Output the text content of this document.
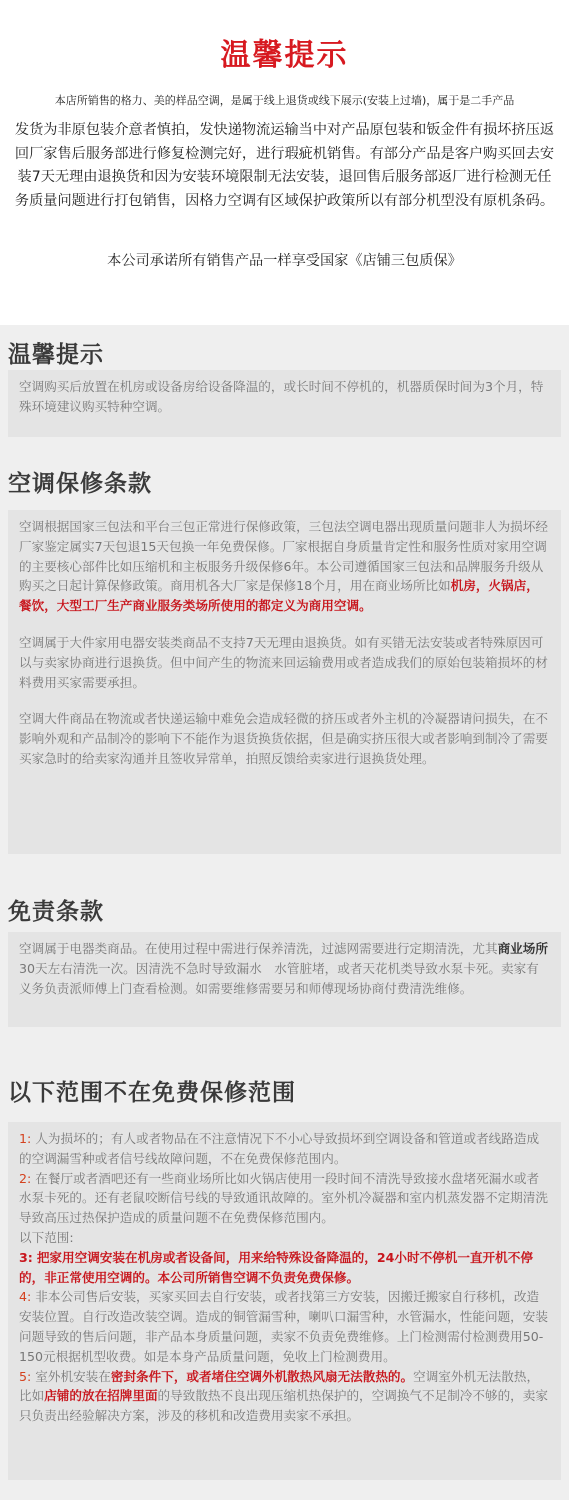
温馨提示
本店所销售的格力、美的样品空调，是属于线上退货或线下展示(安装上过墙)，属于是二手产品
发货为非原包装介意者慎拍，发快递物流运输当中对产品原包装和钣金件有损坏挤压返回厂家售后服务部进行修复检测完好，进行瑕疵机销售。有部分产品是客户购买回去安装7天无理由退换货和因为安装环境限制无法安装，退回售后服务部返厂进行检测无任务质量问题进行打包销售，因格力空调有区域保护政策所以有部分机型没有原机条码。
本公司承诺所有销售产品一样享受国家《店铺三包质保》
温馨提示

空调购买后放置在机房或设备房给设备降温的，或长时间不停机的，机器质保时间为3个月，特殊环境建议购买特种空调。

空调保修条款

空调根据国家三包法和平台三包正常进行保修政策，三包法空调电器出现质量问题非人为损坏经厂家鉴定属实7天包退15天包换一年免费保修。厂家根据自身质量肯定性和服务性质对家用空调的主要核心部件比如压缩机和主板服务升级保修6年。本公司遵循国家三包法和品牌服务升级从购买之日起计算保修政策。商用机各大厂家是保修18个月，用在商业场所比如机房，火锅店，餐饮，大型工厂生产商业服务类场所使用的都定义为商用空调。

空调属于大件家用电器安装类商品不支持7天无理由退换货。如有买错无法安装或者特殊原因可以与卖家协商进行退换货。但中间产生的物流来回运输费用或者造成我们的原始包装箱损坏的材料费用买家需要承担。

空调大件商品在物流或者快递运输中难免会造成轻微的挤压或者外主机的冷凝器请问损失，在不影响外观和产品制冷的影响下不能作为退货换货依据，但是确实挤压很大或者影响到制冷了需要买家急时的给卖家沟通并且签收异常单，拍照反馈给卖家进行退换货处理。

免责条款

空调属于电器类商品。在使用过程中需进行保养清洗，过滤网需要进行定期清洗，尤其商业场所30天左右清洗一次。因清洗不急时导致漏水　水管脏堵，或者天花机类导致水泵卡死。卖家有义务负责派师傅上门查看检测。如需要维修需要另和师傅现场协商付费清洗维修。

以下范围不在免费保修范围

1: 人为损坏的；有人或者物品在不注意情况下不小心导致损坏到空调设备和管道或者线路造成的空调漏雪种或者信号线故障问题，不在免费保修范围内。

2: 在餐厅或者酒吧还有一些商业场所比如火锅店使用一段时间不清洗导致接水盘堵死漏水或者水泵卡死的。还有老鼠咬断信号线的导致通讯故障的。室外机冷凝器和室内机蒸发器不定期清洗导致高压过热保护造成的质量问题不在免费保修范围内。

以下范围:

3: 把家用空调安装在机房或者设备间，用来给特殊设备降温的，24小时不停机一直开机不停的，非正常使用空调的。本公司所销售空调不负责免费保修。

4: 非本公司售后安装，买家买回去自行安装，或者找第三方安装，因搬迁搬家自行移机，改造安装位置。自行改造改装空调。造成的铜管漏雪种，喇叭口漏雪种，水管漏水，性能问题，安装问题导致的售后问题，非产品本身质量问题，卖家不负责免费维修。上门检测需付检测费用50-150元根据机型收费。如是本身产品质量问题，免收上门检测费用。

5: 室外机安装在密封条件下，或者堵住空调外机散热风扇无法散热的。空调室外机无法散热，比如店铺的放在招牌里面的导致散热不良出现压缩机热保护的，空调换气不足制冷不够的，卖家只负责出经验解决方案，涉及的移机和改造费用卖家不承担。
